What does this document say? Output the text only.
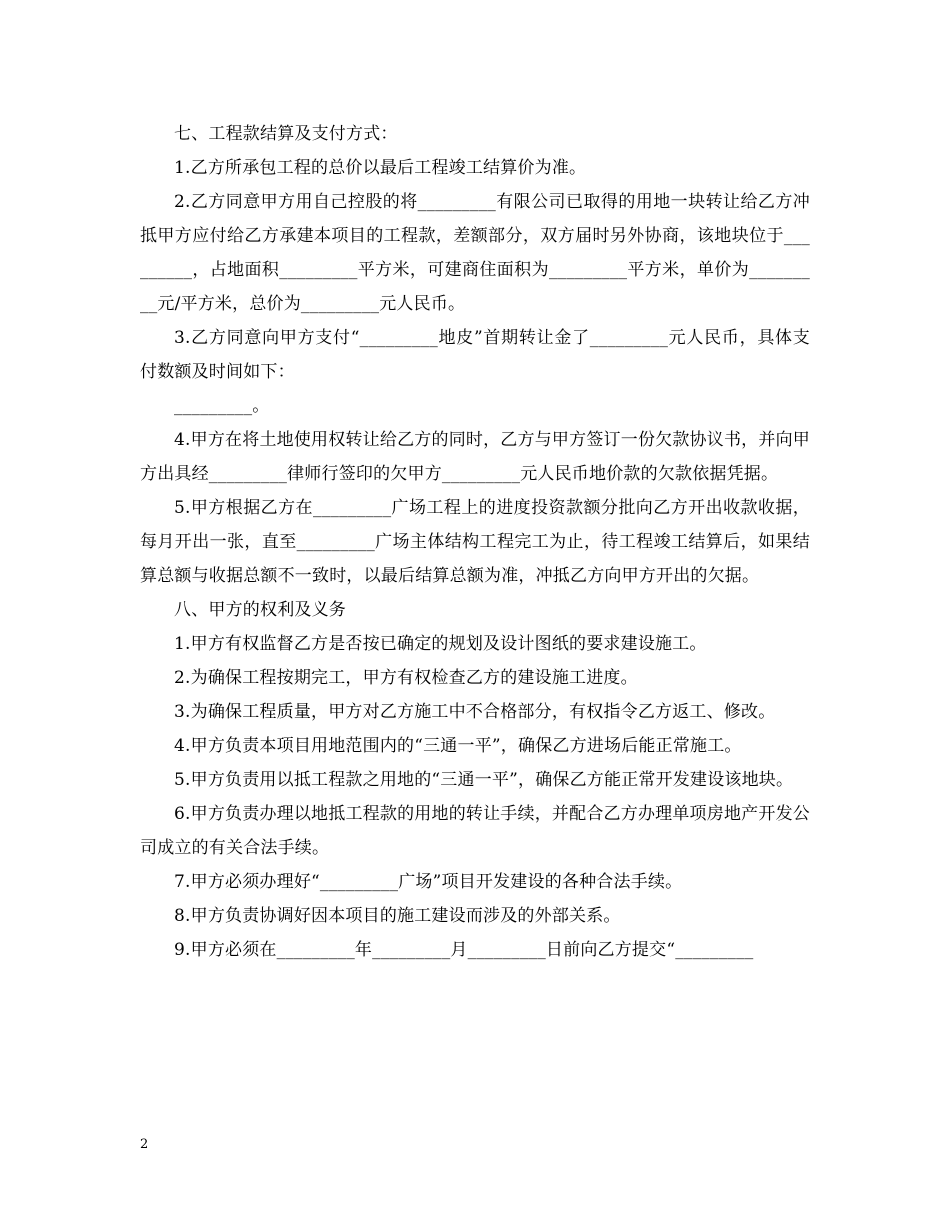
七、工程款结算及支付方式：

1.乙方所承包工程的总价以最后工程竣工结算价为准。

2.乙方同意甲方用自己控股的将_________有限公司已取得的用地一块转让给乙方冲抵甲方应付给乙方承建本项目的工程款，差额部分，双方届时另外协商，该地块位于_________，占地面积_________平方米，可建商住面积为_________平方米，单价为_________元/平方米，总价为_________元人民币。

3.乙方同意向甲方支付“_________地皮”首期转让金了_________元人民币，具体支付数额及时间如下：

_________。

4.甲方在将土地使用权转让给乙方的同时，乙方与甲方签订一份欠款协议书，并向甲方出具经_________律师行签印的欠甲方_________元人民币地价款的欠款依据凭据。

5.甲方根据乙方在_________广场工程上的进度投资款额分批向乙方开出收款收据，每月开出一张，直至_________广场主体结构工程完工为止，待工程竣工结算后，如果结算总额与收据总额不一致时，以最后结算总额为准，冲抵乙方向甲方开出的欠据。

八、甲方的权利及义务

1.甲方有权监督乙方是否按已确定的规划及设计图纸的要求建设施工。

2.为确保工程按期完工，甲方有权检查乙方的建设施工进度。

3.为确保工程质量，甲方对乙方施工中不合格部分，有权指令乙方返工、修改。

4.甲方负责本项目用地范围内的“三通一平”，确保乙方进场后能正常施工。

5.甲方负责用以抵工程款之用地的“三通一平”，确保乙方能正常开发建设该地块。

6.甲方负责办理以地抵工程款的用地的转让手续，并配合乙方办理单项房地产开发公司成立的有关合法手续。

7.甲方必须办理好“_________广场”项目开发建设的各种合法手续。

8.甲方负责协调好因本项目的施工建设而涉及的外部关系。

9.甲方必须在_________年_________月_________日前向乙方提交“_________

2
